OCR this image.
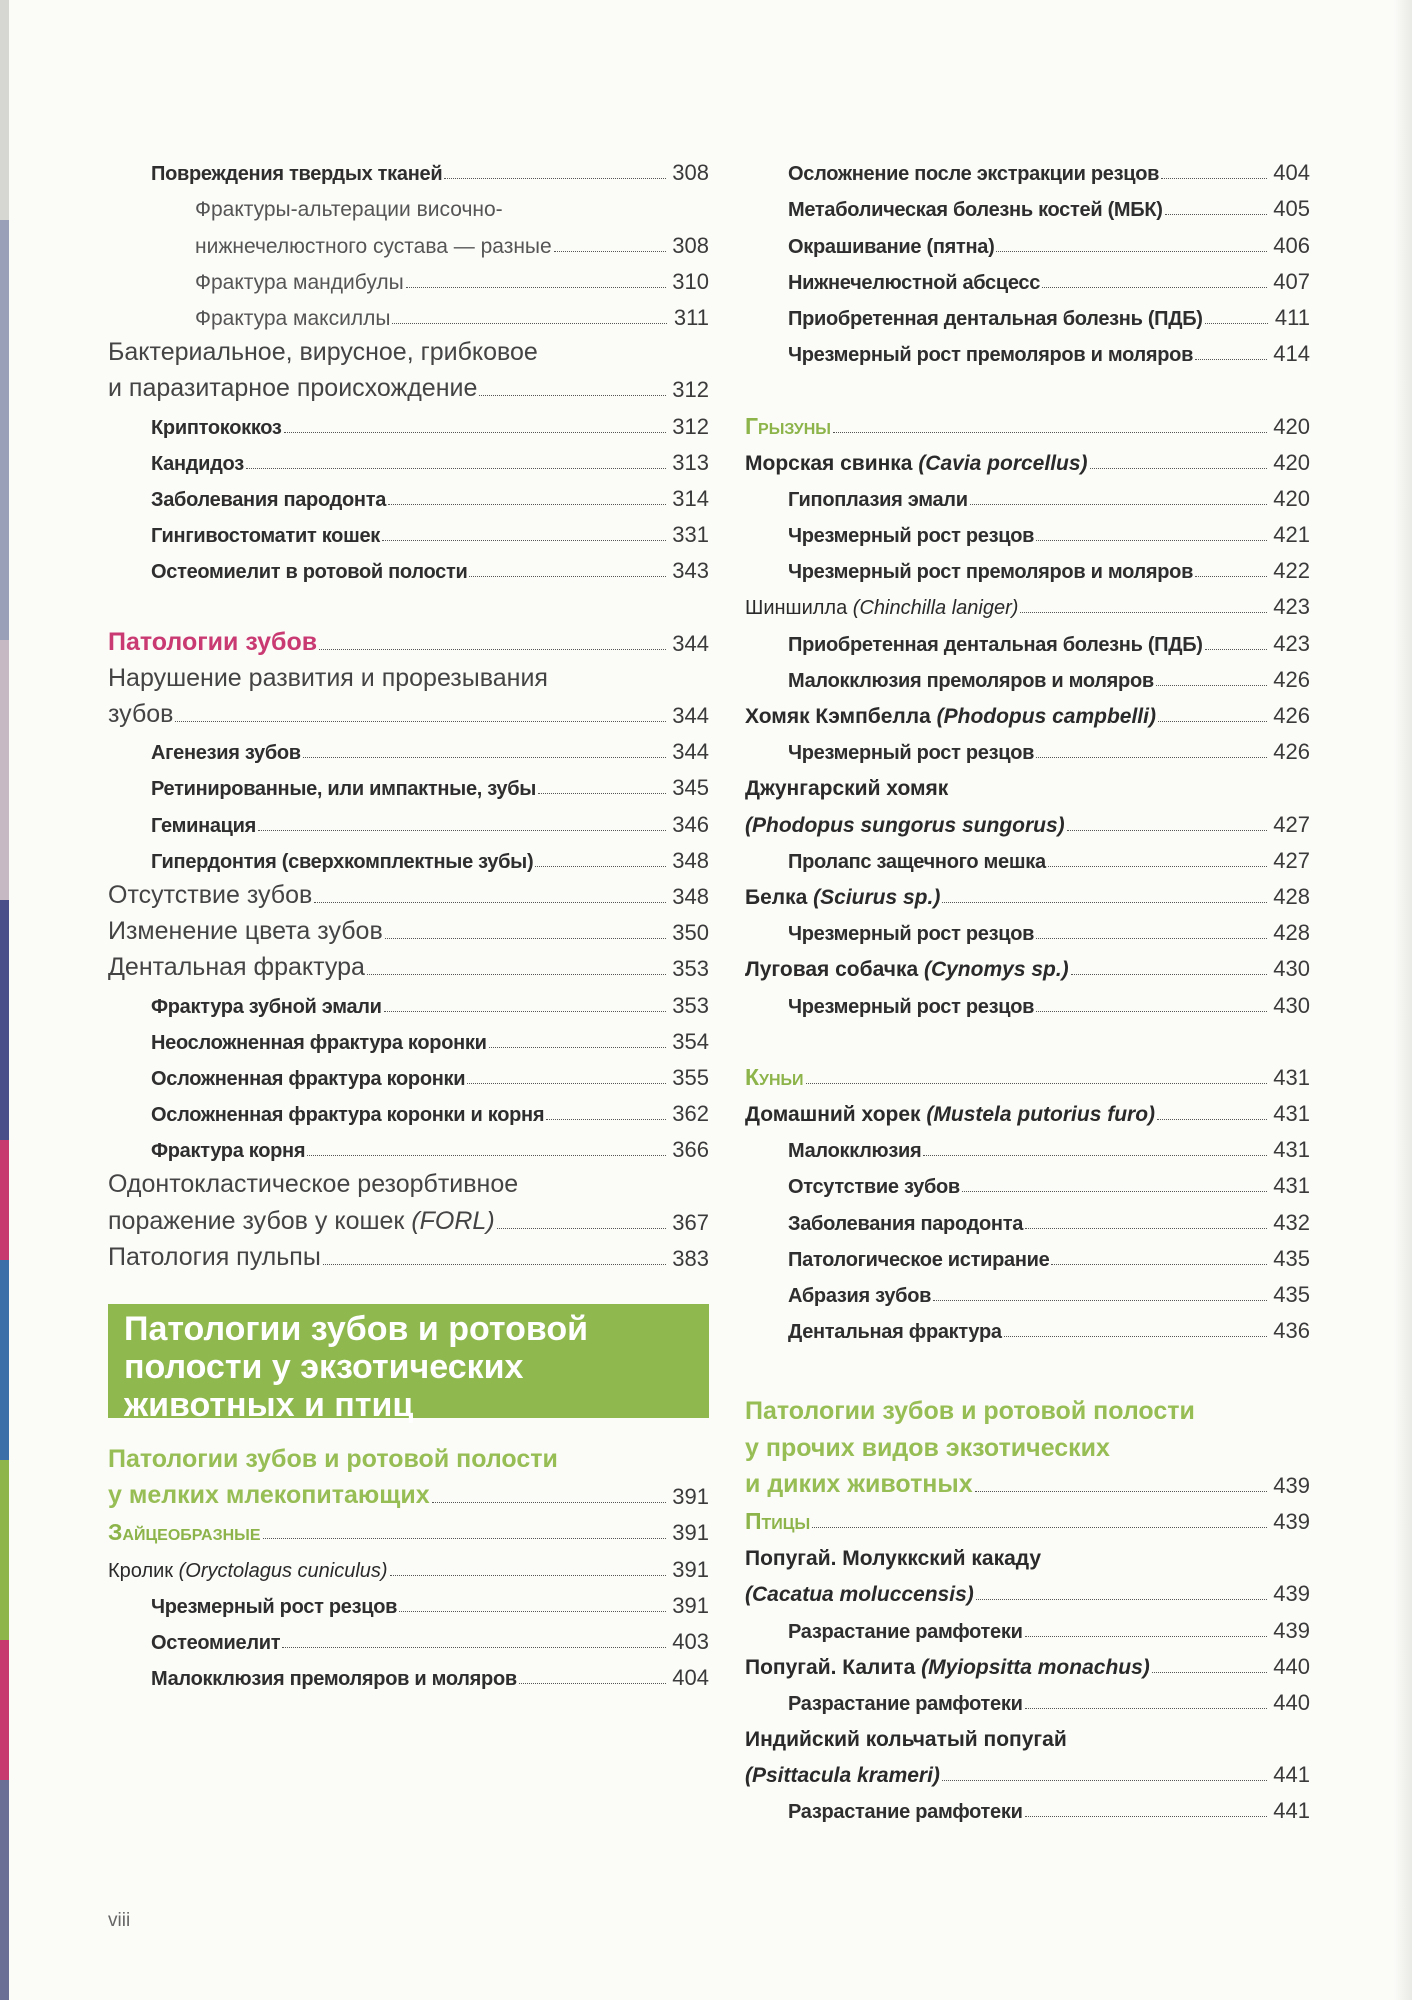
Повреждения твердых тканей	308
Фрактуры-альтерации височно-
нижнечелюстного сустава — разные	308
Фрактура мандибулы	310
Фрактура максиллы	311
Бактериальное, вирусное, грибковое
и паразитарное происхождение	312
Криптококкоз	312
Кандидоз	313
Заболевания пародонта	314
Гингивостоматит кошек	331
Остеомиелит в ротовой полости	343
Патологии зубов	344
Нарушение развития и прорезывания
зубов	344
Агенезия зубов	344
Ретинированные, или импактные, зубы	345
Геминация	346
Гипердонтия (сверхкомплектные зубы)	348
Отсутствие зубов	348
Изменение цвета зубов	350
Дентальная фрактура	353
Фрактура зубной эмали	353
Неосложненная фрактура коронки	354
Осложненная фрактура коронки	355
Осложненная фрактура коронки и корня	362
Фрактура корня	366
Одонтокластическое резорбтивное
поражение зубов у кошек (FORL)	367
Патология пульпы	383
Патологии зубов и ротовой
полости у экзотических
животных и птиц
Патологии зубов и ротовой полости
у мелких млекопитающих	391
Зайцеобразные	391
Кролик (Oryctolagus cuniculus)	391
Чрезмерный рост резцов	391
Остеомиелит	403
Малокклюзия премоляров и моляров	404
Осложнение после экстракции резцов	404
Метаболическая болезнь костей (МБК)	405
Окрашивание (пятна)	406
Нижнечелюстной абсцесс	407
Приобретенная дентальная болезнь (ПДБ)	411
Чрезмерный рост премоляров и моляров	414
Грызуны	420
Морская свинка (Cavia porcellus)	420
Гипоплазия эмали	420
Чрезмерный рост резцов	421
Чрезмерный рост премоляров и моляров	422
Шиншилла (Chinchilla laniger)	423
Приобретенная дентальная болезнь (ПДБ)	423
Малокклюзия премоляров и моляров	426
Хомяк Кэмпбелла (Phodopus campbelli)	426
Чрезмерный рост резцов	426
Джунгарский хомяк
(Phodopus sungorus sungorus)	427
Пролапс защечного мешка	427
Белка (Sciurus sp.)	428
Чрезмерный рост резцов	428
Луговая собачка (Cynomys sp.)	430
Чрезмерный рост резцов	430
Куньи	431
Домашний хорек (Mustela putorius furo)	431
Малокклюзия	431
Отсутствие зубов	431
Заболевания пародонта	432
Патологическое истирание	435
Абразия зубов	435
Дентальная фрактура	436
Патологии зубов и ротовой полости
у прочих видов экзотических
и диких животных	439
Птицы	439
Попугай. Молуккский какаду
(Cacatua moluccensis)	439
Разрастание рамфотеки	439
Попугай. Калита (Myiopsitta monachus)	440
Разрастание рамфотеки	440
Индийский кольчатый попугай
(Psittacula krameri)	441
Разрастание рамфотеки	441
viii
